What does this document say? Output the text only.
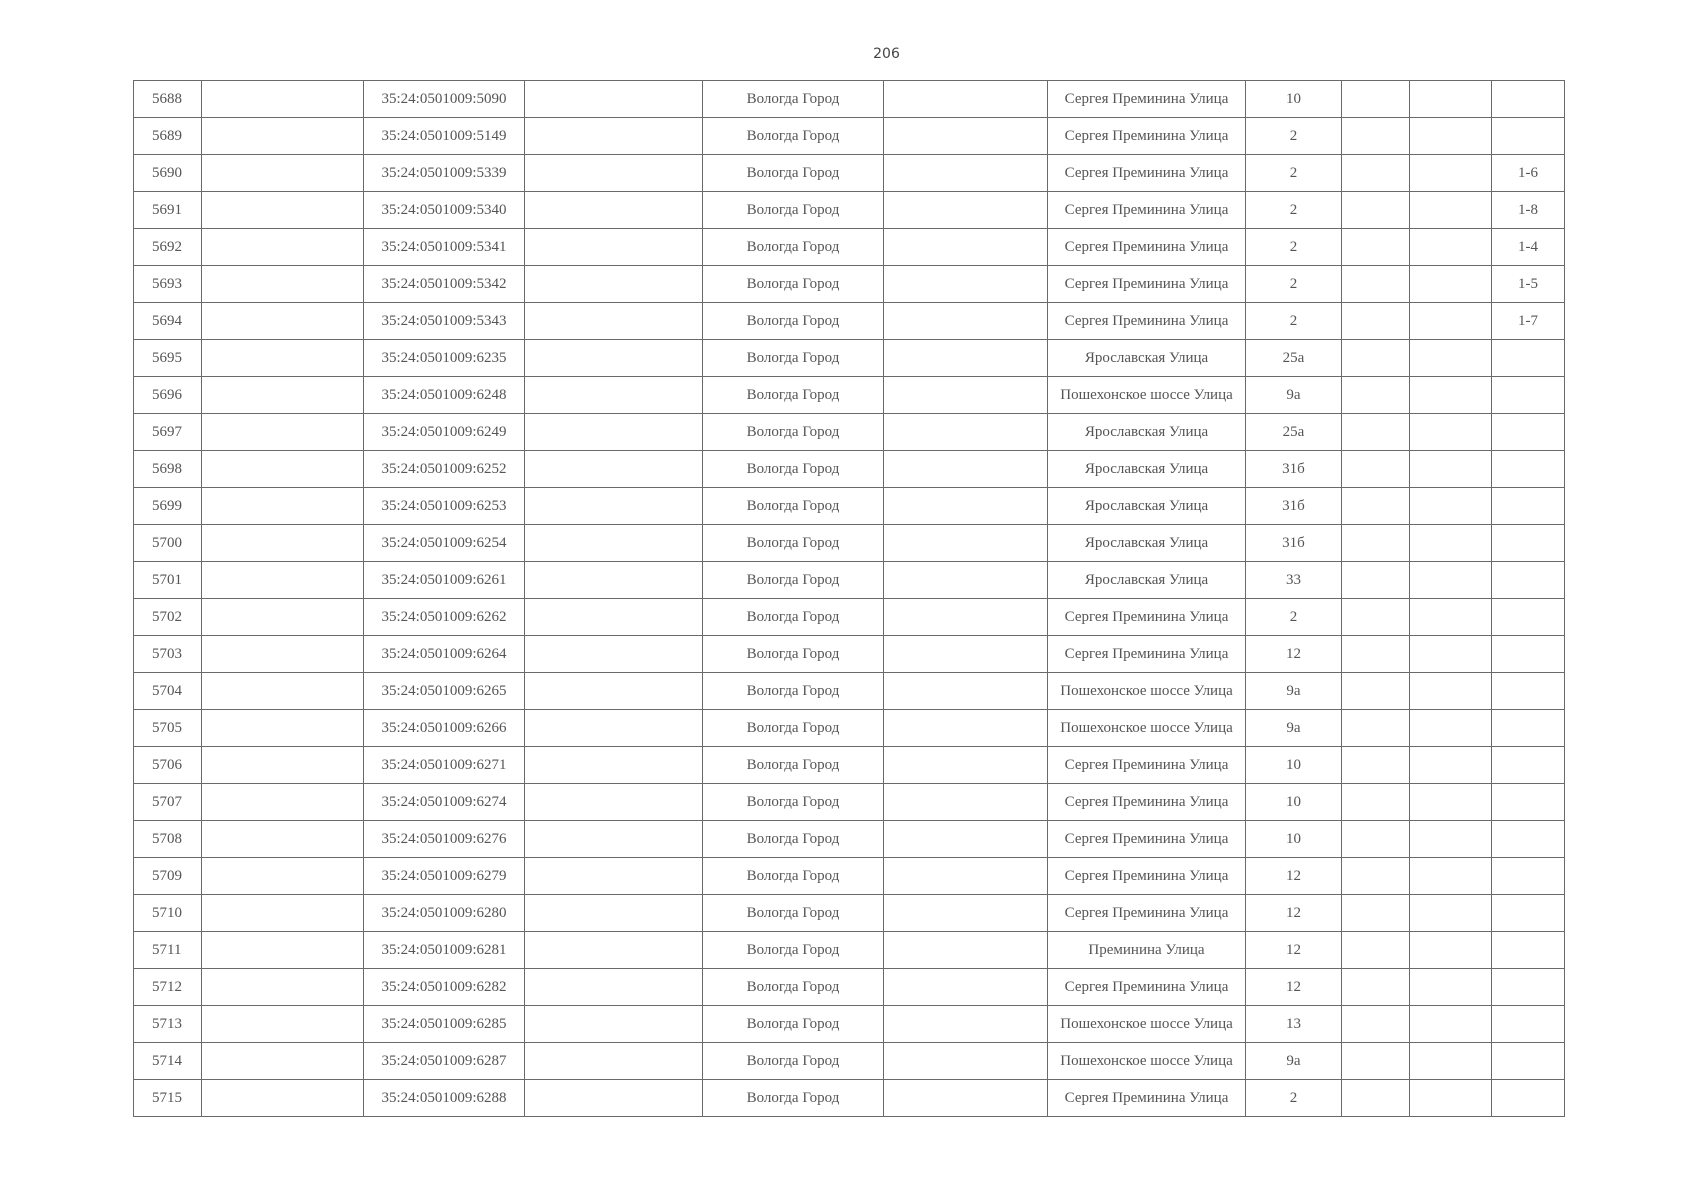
206
5688		35:24:0501009:5090		Вологда Город		Сергея Преминина Улица	10			
5689		35:24:0501009:5149		Вологда Город		Сергея Преминина Улица	2			
5690		35:24:0501009:5339		Вологда Город		Сергея Преминина Улица	2			1-6
5691		35:24:0501009:5340		Вологда Город		Сергея Преминина Улица	2			1-8
5692		35:24:0501009:5341		Вологда Город		Сергея Преминина Улица	2			1-4
5693		35:24:0501009:5342		Вологда Город		Сергея Преминина Улица	2			1-5
5694		35:24:0501009:5343		Вологда Город		Сергея Преминина Улица	2			1-7
5695		35:24:0501009:6235		Вологда Город		Ярославская Улица	25а			
5696		35:24:0501009:6248		Вологда Город		Пошехонское шоссе Улица	9а			
5697		35:24:0501009:6249		Вологда Город		Ярославская Улица	25а			
5698		35:24:0501009:6252		Вологда Город		Ярославская Улица	31б			
5699		35:24:0501009:6253		Вологда Город		Ярославская Улица	31б			
5700		35:24:0501009:6254		Вологда Город		Ярославская Улица	31б			
5701		35:24:0501009:6261		Вологда Город		Ярославская Улица	33			
5702		35:24:0501009:6262		Вологда Город		Сергея Преминина Улица	2			
5703		35:24:0501009:6264		Вологда Город		Сергея Преминина Улица	12			
5704		35:24:0501009:6265		Вологда Город		Пошехонское шоссе Улица	9а			
5705		35:24:0501009:6266		Вологда Город		Пошехонское шоссе Улица	9а			
5706		35:24:0501009:6271		Вологда Город		Сергея Преминина Улица	10			
5707		35:24:0501009:6274		Вологда Город		Сергея Преминина Улица	10			
5708		35:24:0501009:6276		Вологда Город		Сергея Преминина Улица	10			
5709		35:24:0501009:6279		Вологда Город		Сергея Преминина Улица	12			
5710		35:24:0501009:6280		Вологда Город		Сергея Преминина Улица	12			
5711		35:24:0501009:6281		Вологда Город		Преминина Улица	12			
5712		35:24:0501009:6282		Вологда Город		Сергея Преминина Улица	12			
5713		35:24:0501009:6285		Вологда Город		Пошехонское шоссе Улица	13			
5714		35:24:0501009:6287		Вологда Город		Пошехонское шоссе Улица	9а			
5715		35:24:0501009:6288		Вологда Город		Сергея Преминина Улица	2			
